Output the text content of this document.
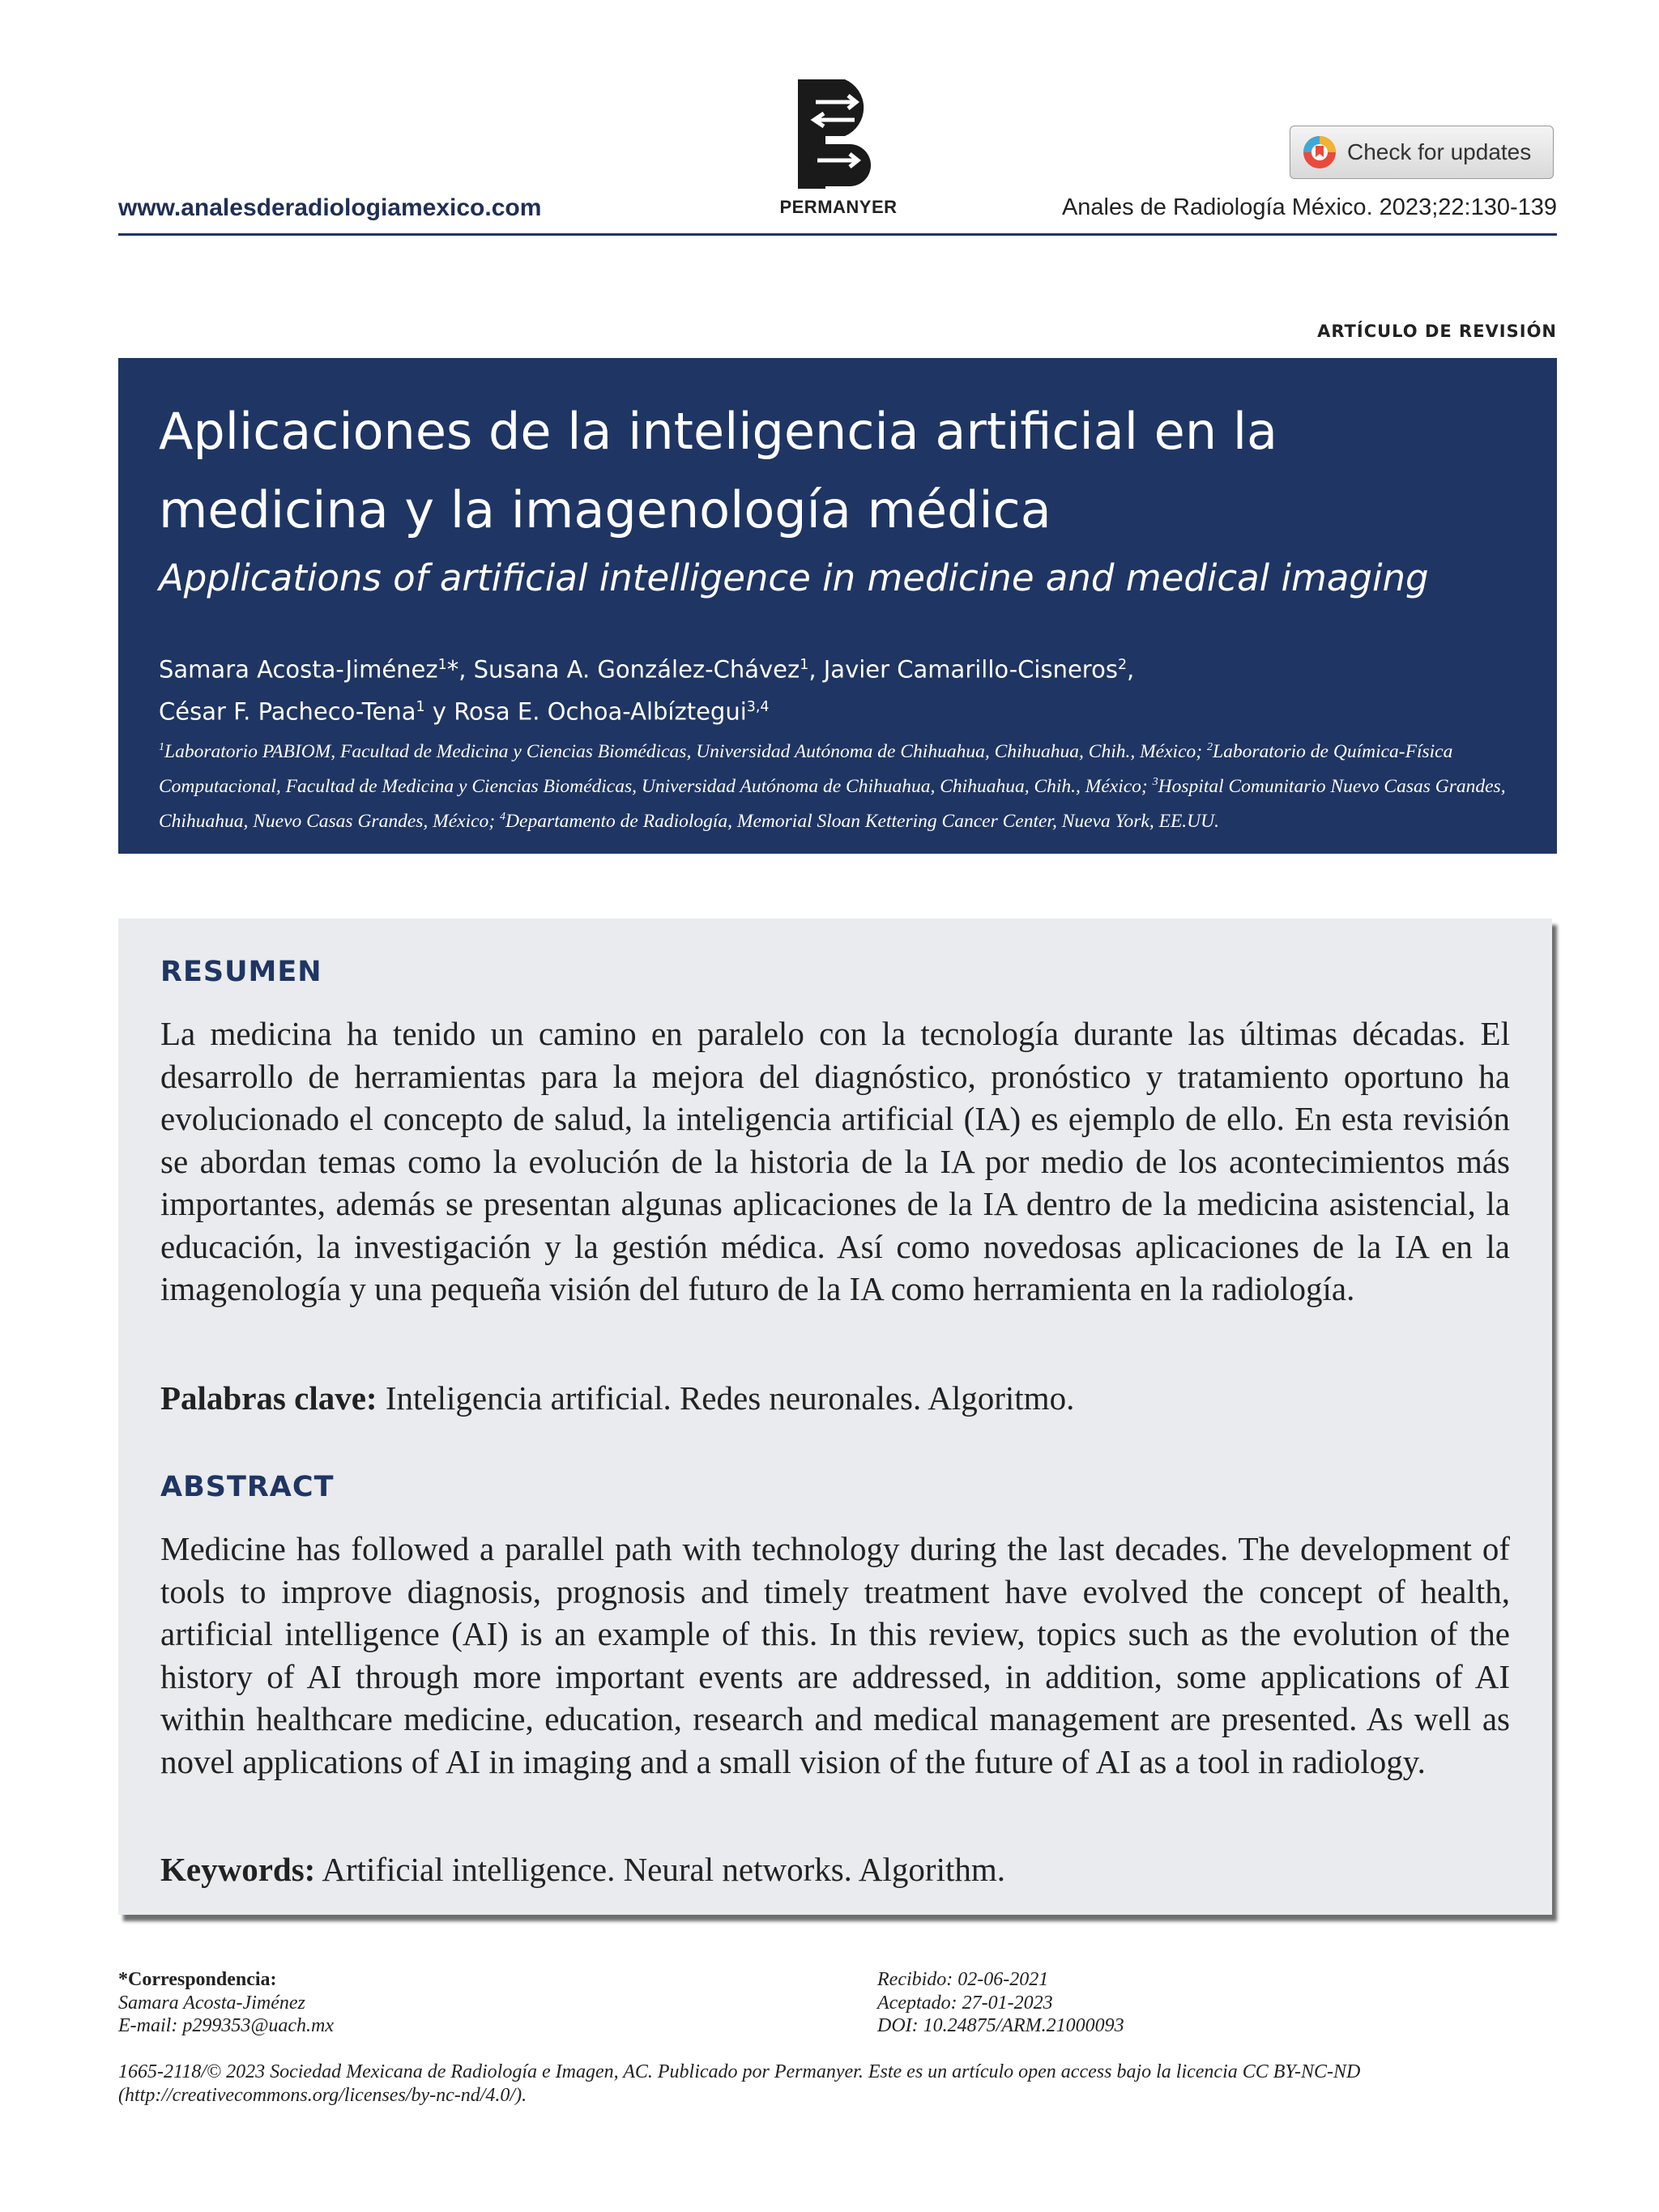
www.analesderadiologiamexico.com	PERMANYER
Check for updates
Anales de Radiología México. 2023;22:130-139
ARTÍCULO DE REVISIÓN
Aplicaciones de la inteligencia artificial en la
medicina y la imagenología médica
Applications of artificial intelligence in medicine and medical imaging
Samara Acosta-Jiménez$^1$*, Susana A. González-Chávez$^1$, Javier Camarillo-Cisneros$^2$,
César F. Pacheco-Tena$^1$ y Rosa E. Ochoa-Albíztegui$^{3,4}$
$^1$Laboratorio PABIOM, Facultad de Medicina y Ciencias Biomédicas, Universidad Autónoma de Chihuahua, Chihuahua, Chih., México; $^2$Laboratorio de Química-Física Computacional, Facultad de Medicina y Ciencias Biomédicas, Universidad Autónoma de Chihuahua, Chihuahua, Chih., México; $^3$Hospital Comunitario Nuevo Casas Grandes, Chihuahua, Nuevo Casas Grandes, México; $^4$Departamento de Radiología, Memorial Sloan Kettering Cancer Center, Nueva York, EE.UU.
RESUMEN
La medicina ha tenido un camino en paralelo con la tecnología durante las últimas décadas. El desarrollo de herramientas para la mejora del diagnóstico, pronóstico y tratamiento oportuno ha evolucionado el concepto de salud, la inteligencia artificial (IA) es ejemplo de ello. En esta revisión se abordan temas como la evolución de la historia de la IA por medio de los acontecimientos más importantes, además se presentan algunas aplicaciones de la IA dentro de la medicina asistencial, la educación, la investigación y la gestión médica. Así como novedosas aplicaciones de la IA en la imagenología y una pequeña visión del futuro de la IA como herramienta en la radiología.
Palabras clave: Inteligencia artificial. Redes neuronales. Algoritmo.
ABSTRACT
Medicine has followed a parallel path with technology during the last decades. The development of tools to improve diagnosis, prognosis and timely treatment have evolved the concept of health, artificial intelligence (AI) is an example of this. In this review, topics such as the evolution of the history of AI through more important events are addressed, in addition, some applications of AI within healthcare medicine, education, research and medical management are presented. As well as novel applications of AI in imaging and a small vision of the future of AI as a tool in radiology.
Keywords: Artificial intelligence. Neural networks. Algorithm.
*Correspondencia:
Samara Acosta-Jiménez
E-mail: p299353@uach.mx
Recibido: 02-06-2021
Aceptado: 27-01-2023
DOI: 10.24875/ARM.21000093
1665-2118/© 2023 Sociedad Mexicana de Radiología e Imagen, AC. Publicado por Permanyer. Este es un artículo open access bajo la licencia CC BY-NC-ND
(http://creativecommons.org/licenses/by-nc-nd/4.0/).
